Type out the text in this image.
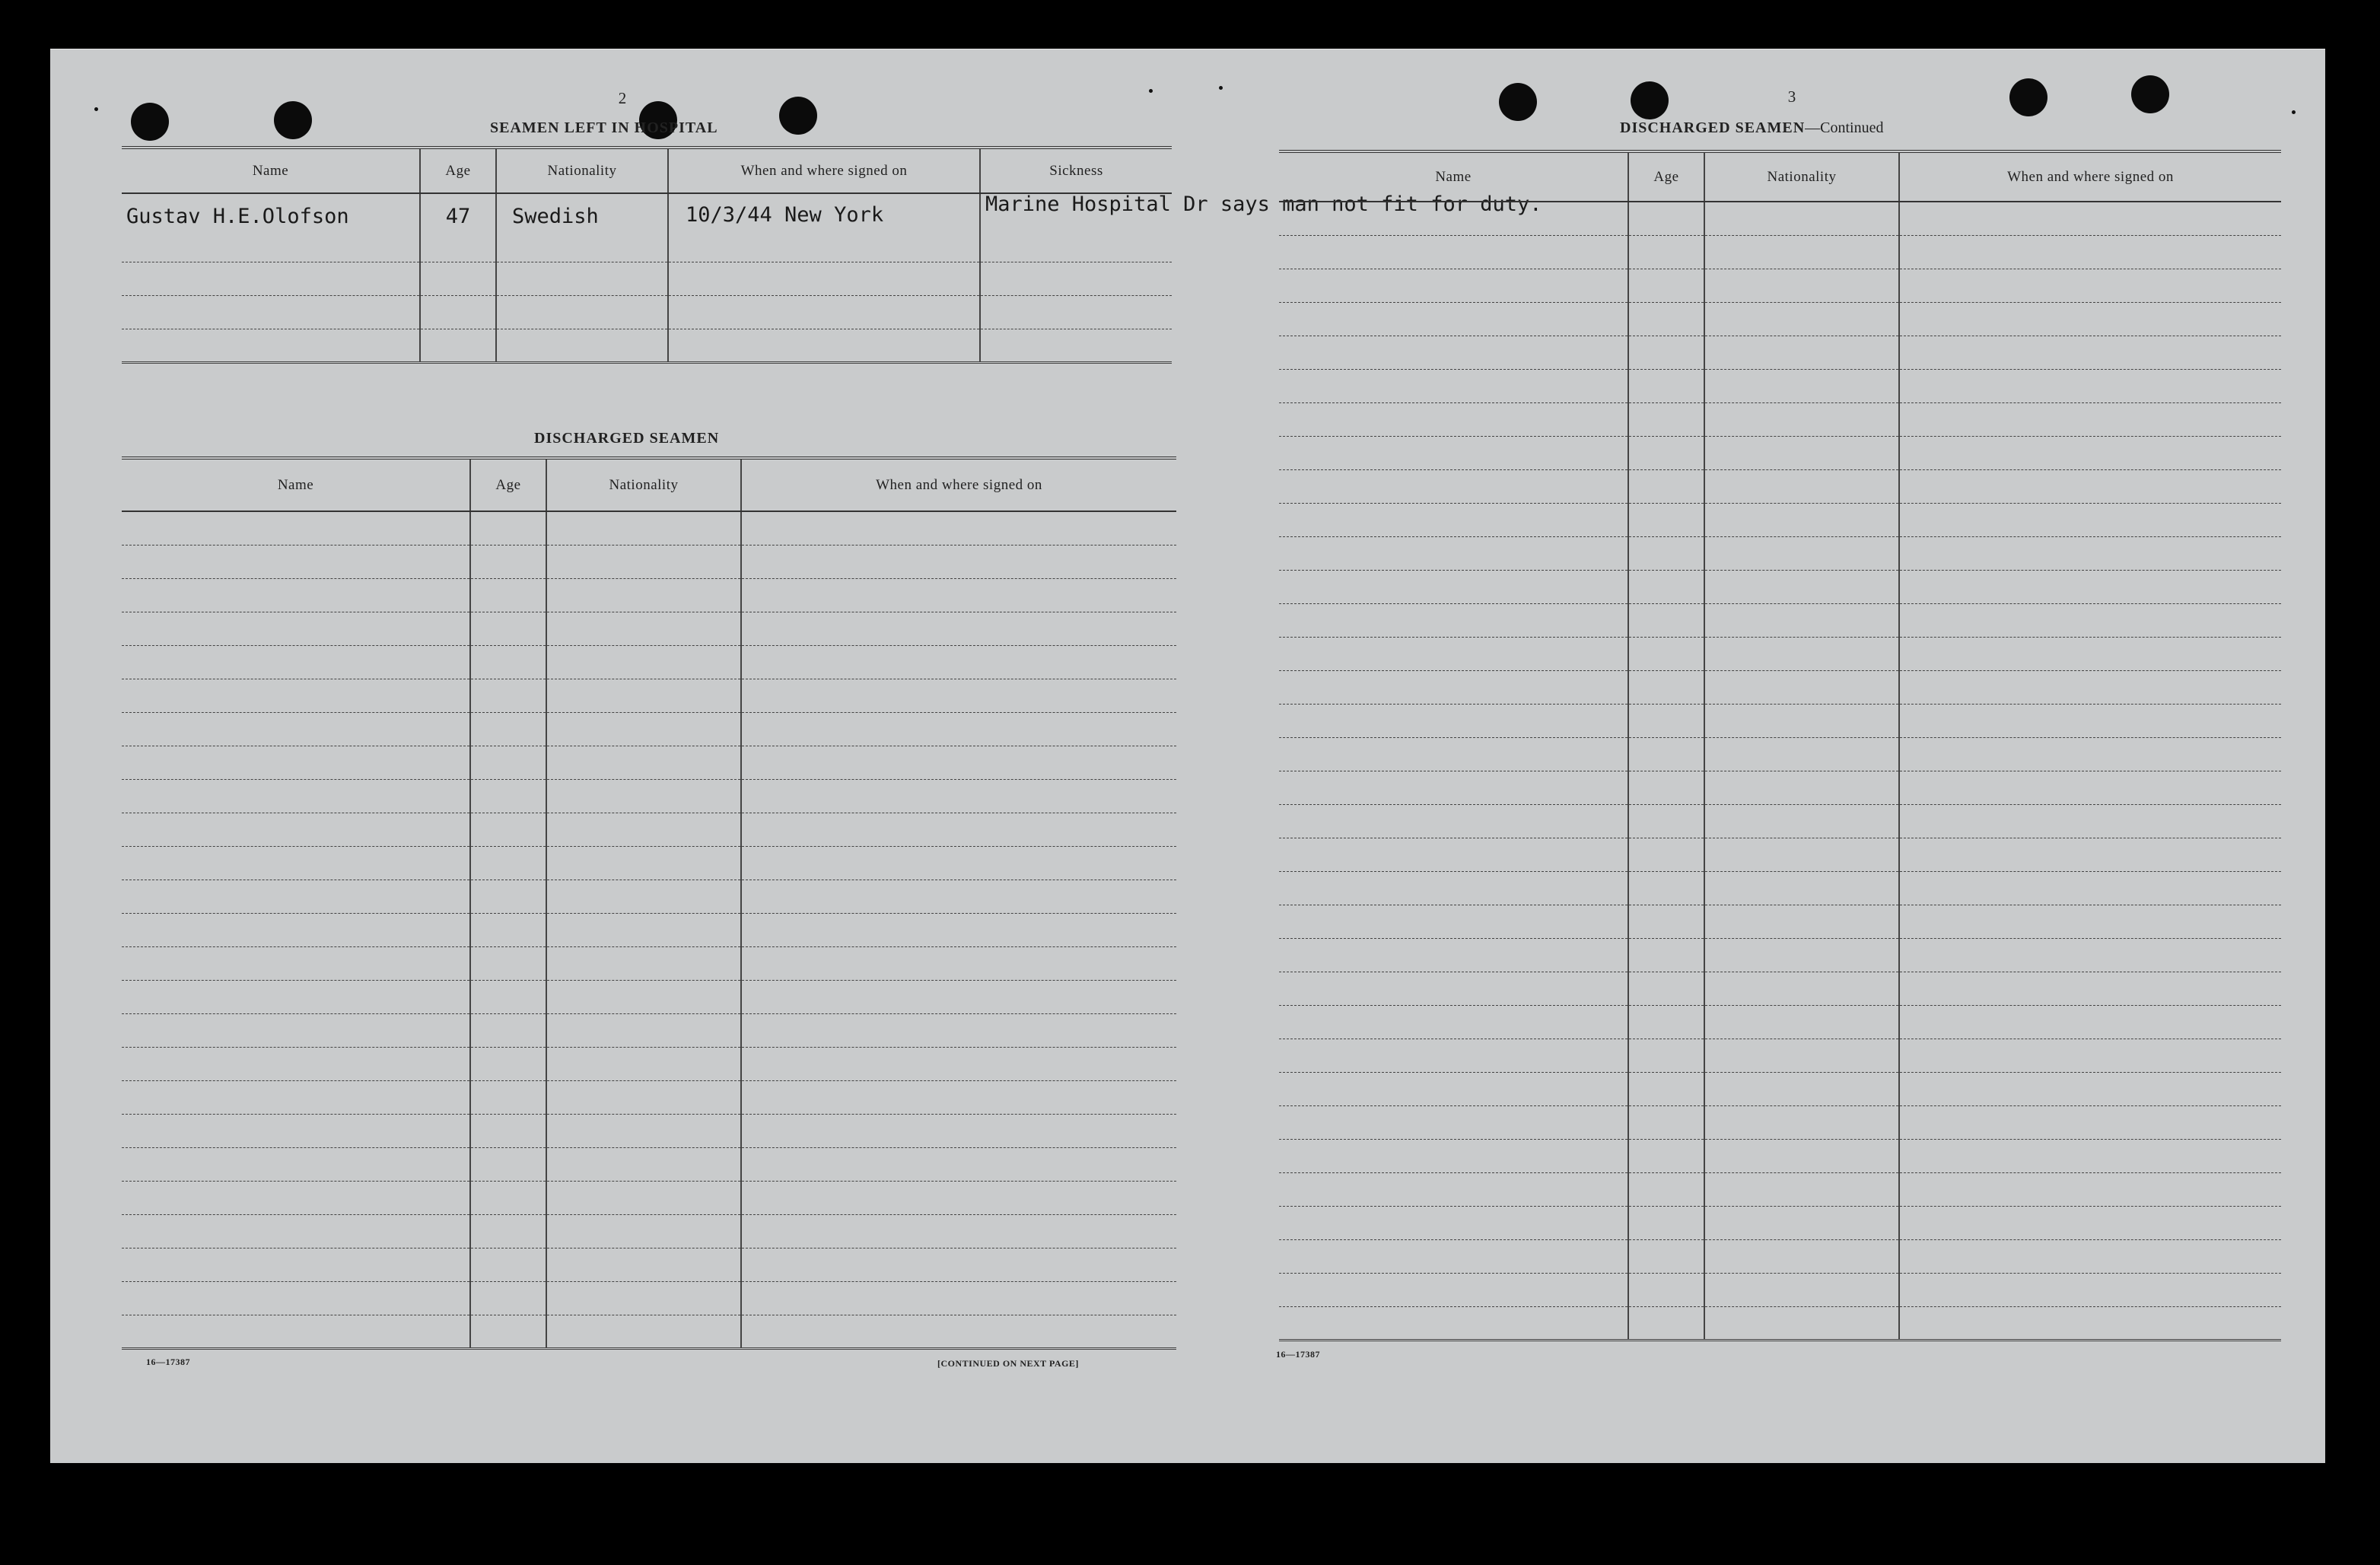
2
SEAMEN LEFT IN HOSPITAL
Name	Age	Nationality	When and where signed on	Sickness
Gustav H.E.Olofson	47	Swedish	10/3/44 New York	Marine Hospital Dr says man not fit for duty.

DISCHARGED SEAMEN
Name	Age	Nationality	When and where signed on

16—17387	[CONTINUED ON NEXT PAGE]
3
DISCHARGED SEAMEN—Continued
Name	Age	Nationality	When and where signed on

16—17387
